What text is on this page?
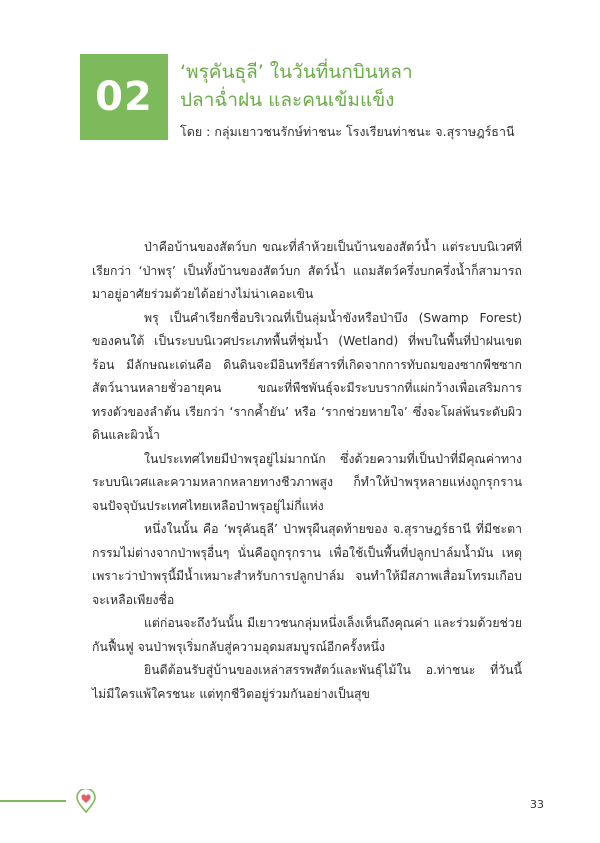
02
‘พรุคันธุลี’ ในวันที่นกบินหลา
ปลาฉ่ำฝน และคนเข้มแข็ง
โดย : กลุ่มเยาวชนรักษ์ท่าชนะ โรงเรียนท่าชนะ จ.สุราษฎร์ธานี

ป่าคือบ้านของสัตว์บก ขณะที่ลำห้วยเป็นบ้านของสัตว์น้ำ แต่ระบบนิเวศที่เรียกว่า ‘ป่าพรุ’ เป็นทั้งบ้านของสัตว์บก สัตว์น้ำ แถมสัตว์ครึ่งบกครึ่งน้ำก็สามารถมาอยู่อาศัยร่วมด้วยได้อย่างไม่น่าเคอะเขิน

พรุ เป็นคำเรียกชื่อบริเวณที่เป็นลุ่มน้ำขังหรือป่าบึง (Swamp Forest) ของคนใต้ เป็นระบบนิเวศประเภทพื้นที่ชุ่มน้ำ (Wetland) ที่พบในพื้นที่ป่าฝนเขตร้อน มีลักษณะเด่นคือ ดินดินจะมีอินทรีย์สารที่เกิดจากการทับถมของซากพืชซากสัตว์นานหลายชั่วอายุคน ขณะที่พืชพันธุ์จะมีระบบรากที่แผ่กว้างเพื่อเสริมการทรงตัวของลำต้น เรียกว่า ‘รากค้ำยัน’ หรือ ‘รากช่วยหายใจ’ ซึ่งจะโผล่พ้นระดับผิวดินและผิวน้ำ

ในประเทศไทยมีป่าพรุอยู่ไม่มากนัก ซึ่งด้วยความที่เป็นป่าที่มีคุณค่าทางระบบนิเวศและความหลากหลายทางชีวภาพสูง ก็ทำให้ป่าพรุหลายแห่งถูกรุกราน จนปัจจุบันประเทศไทยเหลือป่าพรุอยู่ไม่กี่แห่ง

หนึ่งในนั้น คือ ‘พรุคันธุลี’ ป่าพรุผืนสุดท้ายของ จ.สุราษฎร์ธานี ที่มีชะตากรรมไม่ต่างจากป่าพรุอื่นๆ นั่นคือถูกรุกราน เพื่อใช้เป็นพื้นที่ปลูกปาล์มน้ำมัน เหตุเพราะว่าป่าพรุนี้มีน้ำเหมาะสำหรับการปลูกปาล์ม จนทำให้มีสภาพเสื่อมโทรมเกือบจะเหลือเพียงชื่อ

แต่ก่อนจะถึงวันนั้น มีเยาวชนกลุ่มหนึ่งเล็งเห็นถึงคุณค่า และร่วมด้วยช่วยกันฟื้นฟู จนป่าพรุเริ่มกลับสู่ความอุดมสมบูรณ์อีกครั้งหนึ่ง

ยินดีต้อนรับสู่บ้านของเหล่าสรรพสัตว์และพันธุ์ไม้ใน อ.ท่าชนะ ที่วันนี้ไม่มีใครแพ้ใครชนะ แต่ทุกชีวิตอยู่ร่วมกันอย่างเป็นสุข

33
